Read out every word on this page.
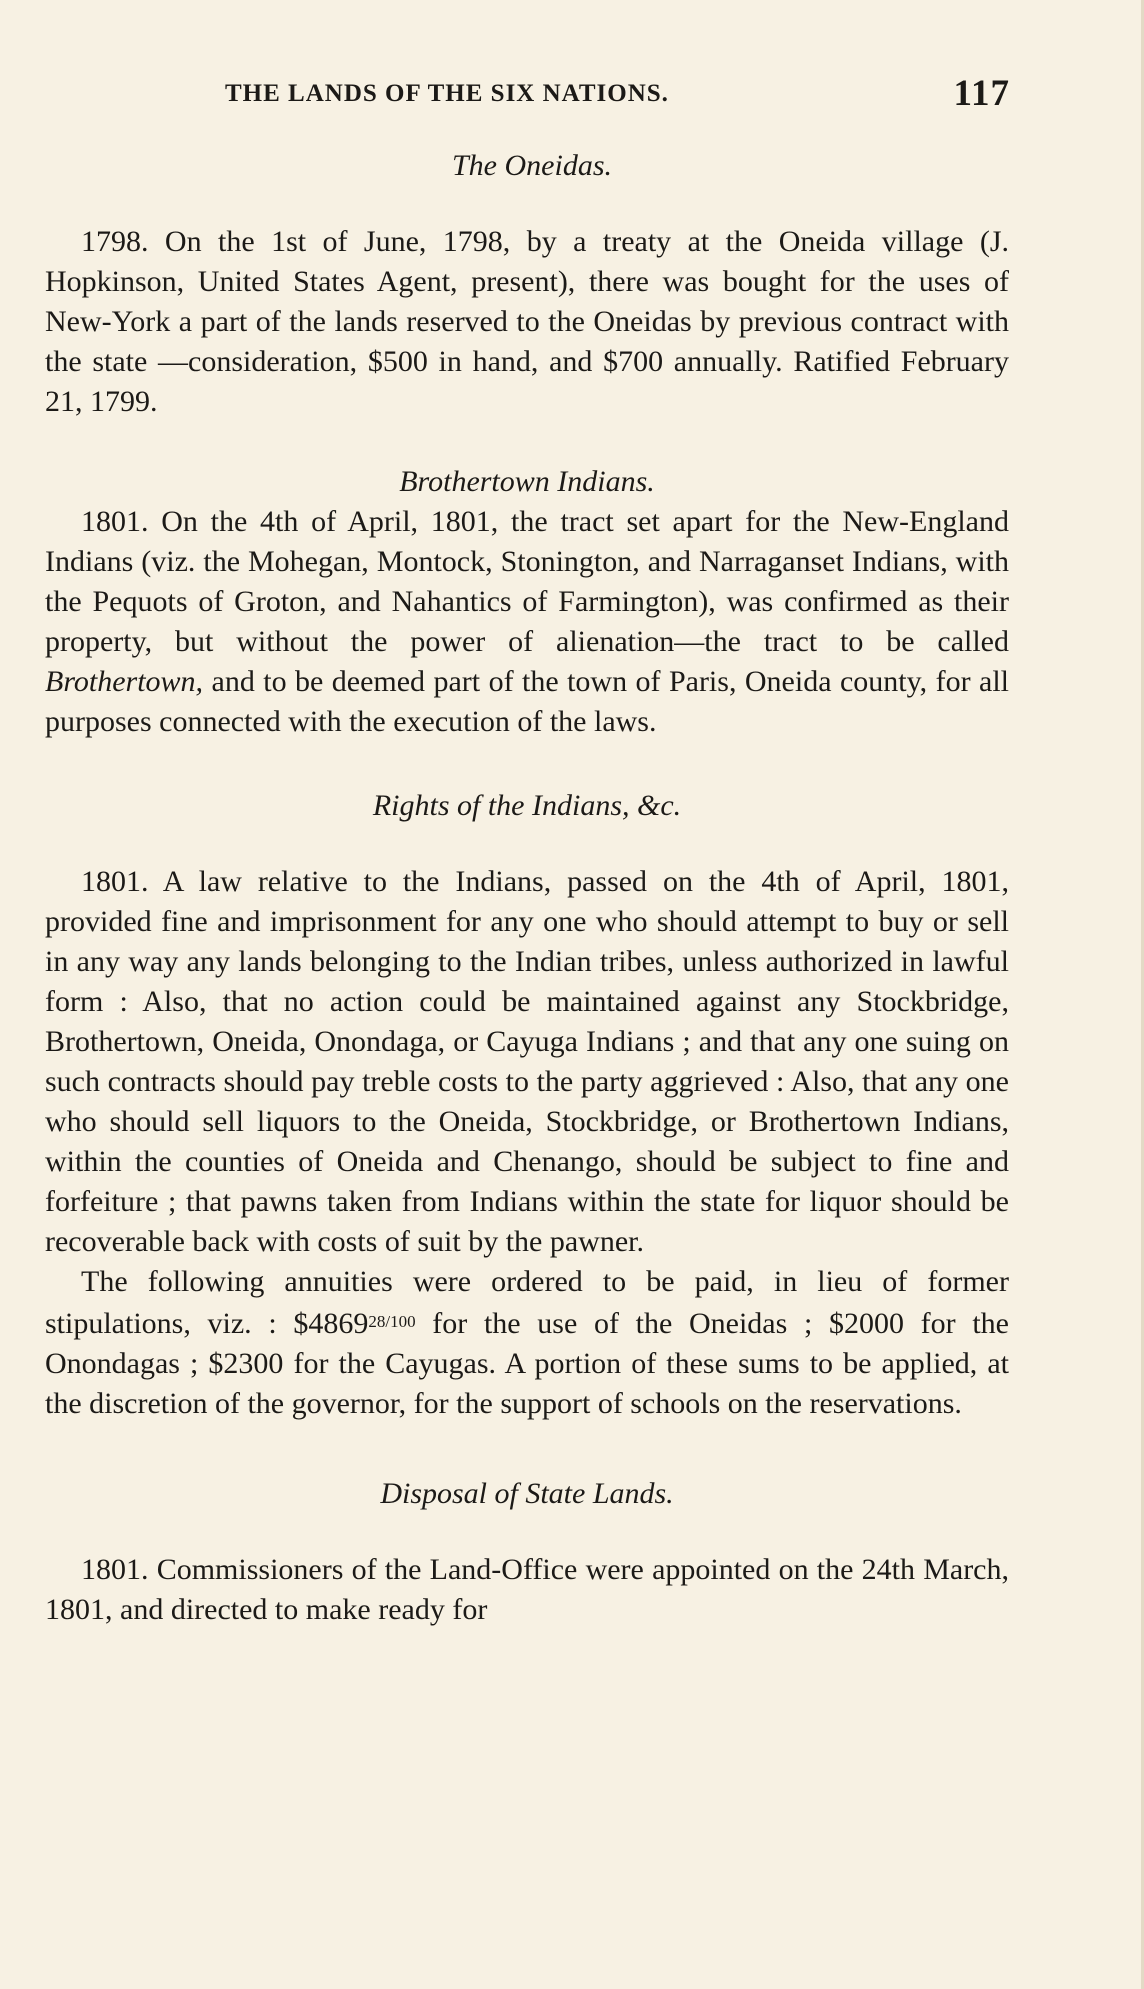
THE LANDS OF THE SIX NATIONS.	117
The Oneidas.

1798. On the 1st of June, 1798, by a treaty at the Oneida village (J. Hopkinson, United States Agent, present), there was bought for the uses of New-York a part of the lands reserved to the Oneidas by previous contract with the state —consideration, $500 in hand, and $700 annually. Ratified February 21, 1799.

Brothertown Indians.

1801. On the 4th of April, 1801, the tract set apart for the New-England Indians (viz. the Mohegan, Montock, Stonington, and Narraganset Indians, with the Pequots of Groton, and Nahantics of Farmington), was confirmed as their property, but without the power of alienation—the tract to be called Brothertown, and to be deemed part of the town of Paris, Oneida county, for all purposes connected with the execution of the laws.

Rights of the Indians, &c.

1801. A law relative to the Indians, passed on the 4th of April, 1801, provided fine and imprisonment for any one who should attempt to buy or sell in any way any lands belonging to the Indian tribes, unless authorized in lawful form : Also, that no action could be maintained against any Stockbridge, Brothertown, Oneida, Onondaga, or Cayuga Indians ; and that any one suing on such contracts should pay treble costs to the party aggrieved : Also, that any one who should sell liquors to the Oneida, Stockbridge, or Brothertown Indians, within the counties of Oneida and Chenango, should be subject to fine and forfeiture ; that pawns taken from Indians within the state for liquor should be recoverable back with costs of suit by the pawner.

The following annuities were ordered to be paid, in lieu of former stipulations, viz. : $\$4869^{28/100}$ for the use of the Oneidas ; $2000 for the Onondagas ; $2300 for the Cayugas. A portion of these sums to be applied, at the discretion of the governor, for the support of schools on the reservations.

Disposal of State Lands.

1801. Commissioners of the Land-Office were appointed on the 24th March, 1801, and directed to make ready for
